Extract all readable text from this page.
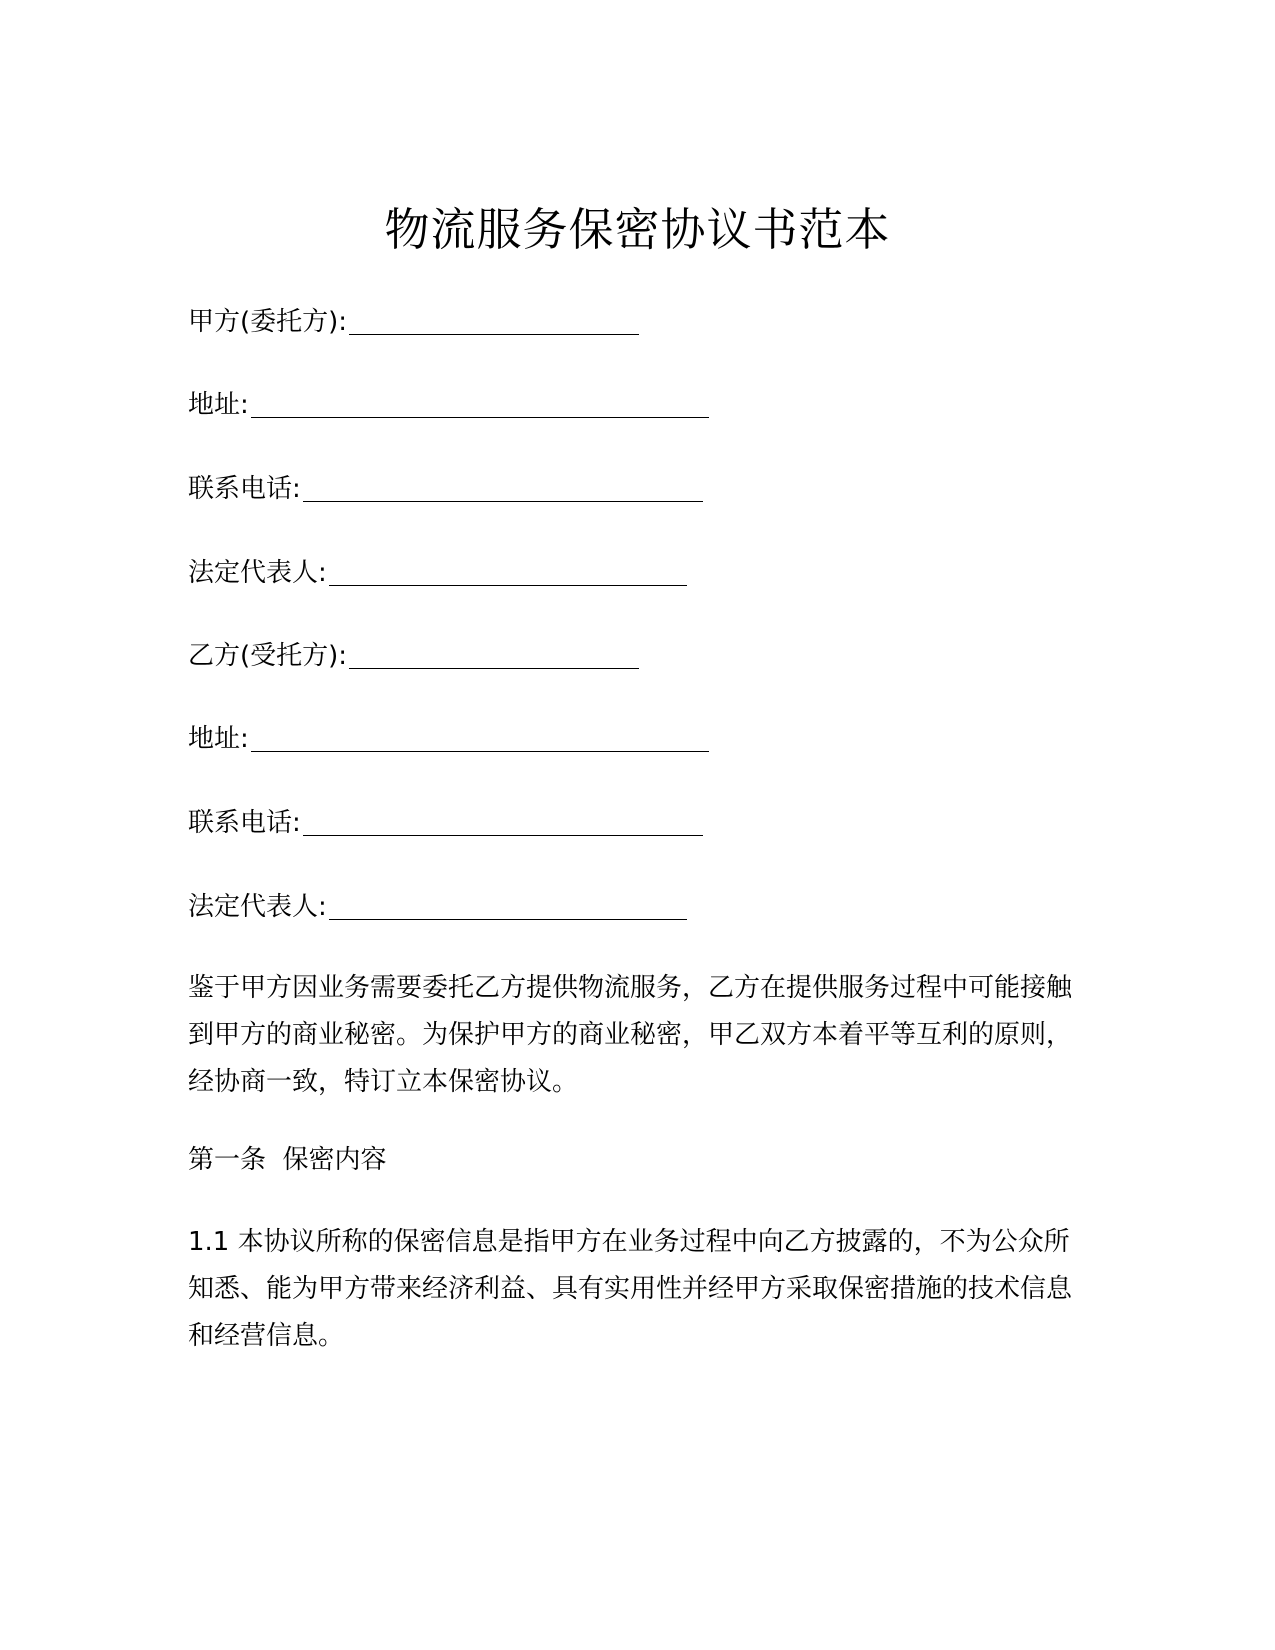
物流服务保密协议书范本
甲方(委托方):
地址:
联系电话:
法定代表人:
乙方(受托方):
地址:
联系电话:
法定代表人:
鉴于甲方因业务需要委托乙方提供物流服务，乙方在提供服务过程中可能接触到甲方的商业秘密。为保护甲方的商业秘密，甲乙双方本着平等互利的原则，经协商一致，特订立本保密协议。
第一条  保密内容
1.1 本协议所称的保密信息是指甲方在业务过程中向乙方披露的，不为公众所知悉、能为甲方带来经济利益、具有实用性并经甲方采取保密措施的技术信息和经营信息。
